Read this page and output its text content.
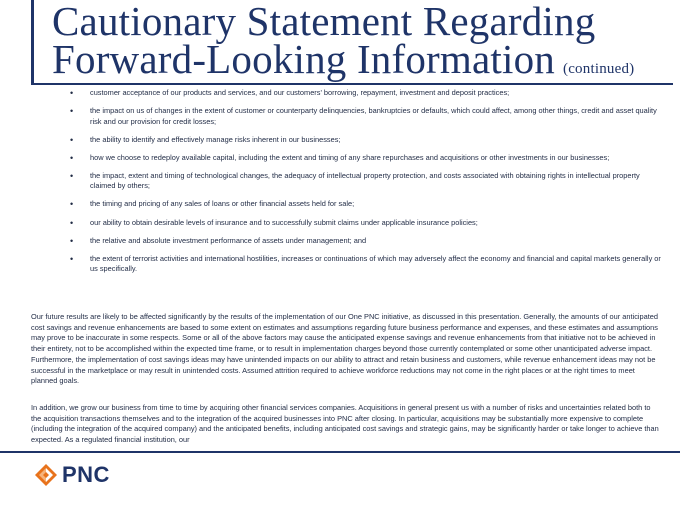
Cautionary Statement Regarding
Forward-Looking Information (continued)
• customer acceptance of our products and services, and our customers' borrowing, repayment, investment and deposit practices;
• the impact on us of changes in the extent of customer or counterparty delinquencies, bankruptcies or defaults, which could affect, among other things, credit and asset quality risk and our provision for credit losses;
• the ability to identify and effectively manage risks inherent in our businesses;
• how we choose to redeploy available capital, including the extent and timing of any share repurchases and acquisitions or other investments in our businesses;
• the impact, extent and timing of technological changes, the adequacy of intellectual property protection, and costs associated with obtaining rights in intellectual property claimed by others;
• the timing and pricing of any sales of loans or other financial assets held for sale;
• our ability to obtain desirable levels of insurance and to successfully submit claims under applicable insurance policies;
• the relative and absolute investment performance of assets under management; and
• the extent of terrorist activities and international hostilities, increases or continuations of which may adversely affect the economy and financial and capital markets generally or us specifically.

Our future results are likely to be affected significantly by the results of the implementation of our One PNC initiative, as discussed in this presentation. Generally, the amounts of our anticipated cost savings and revenue enhancements are based to some extent on estimates and assumptions regarding future business performance and expenses, and these estimates and assumptions may prove to be inaccurate in some respects. Some or all of the above factors may cause the anticipated expense savings and revenue enhancements from that initiative not to be achieved in their entirety, not to be accomplished within the expected time frame, or to result in implementation charges beyond those currently contemplated or some other unanticipated adverse impact. Furthermore, the implementation of cost savings ideas may have unintended impacts on our ability to attract and retain business and customers, while revenue enhancement ideas may not be successful in the marketplace or may result in unintended costs. Assumed attrition required to achieve workforce reductions may not come in the right places or at the right times to meet planned goals.

In addition, we grow our business from time to time by acquiring other financial services companies. Acquisitions in general present us with a number of risks and uncertainties related both to the acquisition transactions themselves and to the integration of the acquired businesses into PNC after closing. In particular, acquisitions may be substantially more expensive to complete (including the integration of the acquired company) and the anticipated benefits, including anticipated cost savings and strategic gains, may be significantly harder or take longer to achieve than expected. As a regulated financial institution, our

PNC
